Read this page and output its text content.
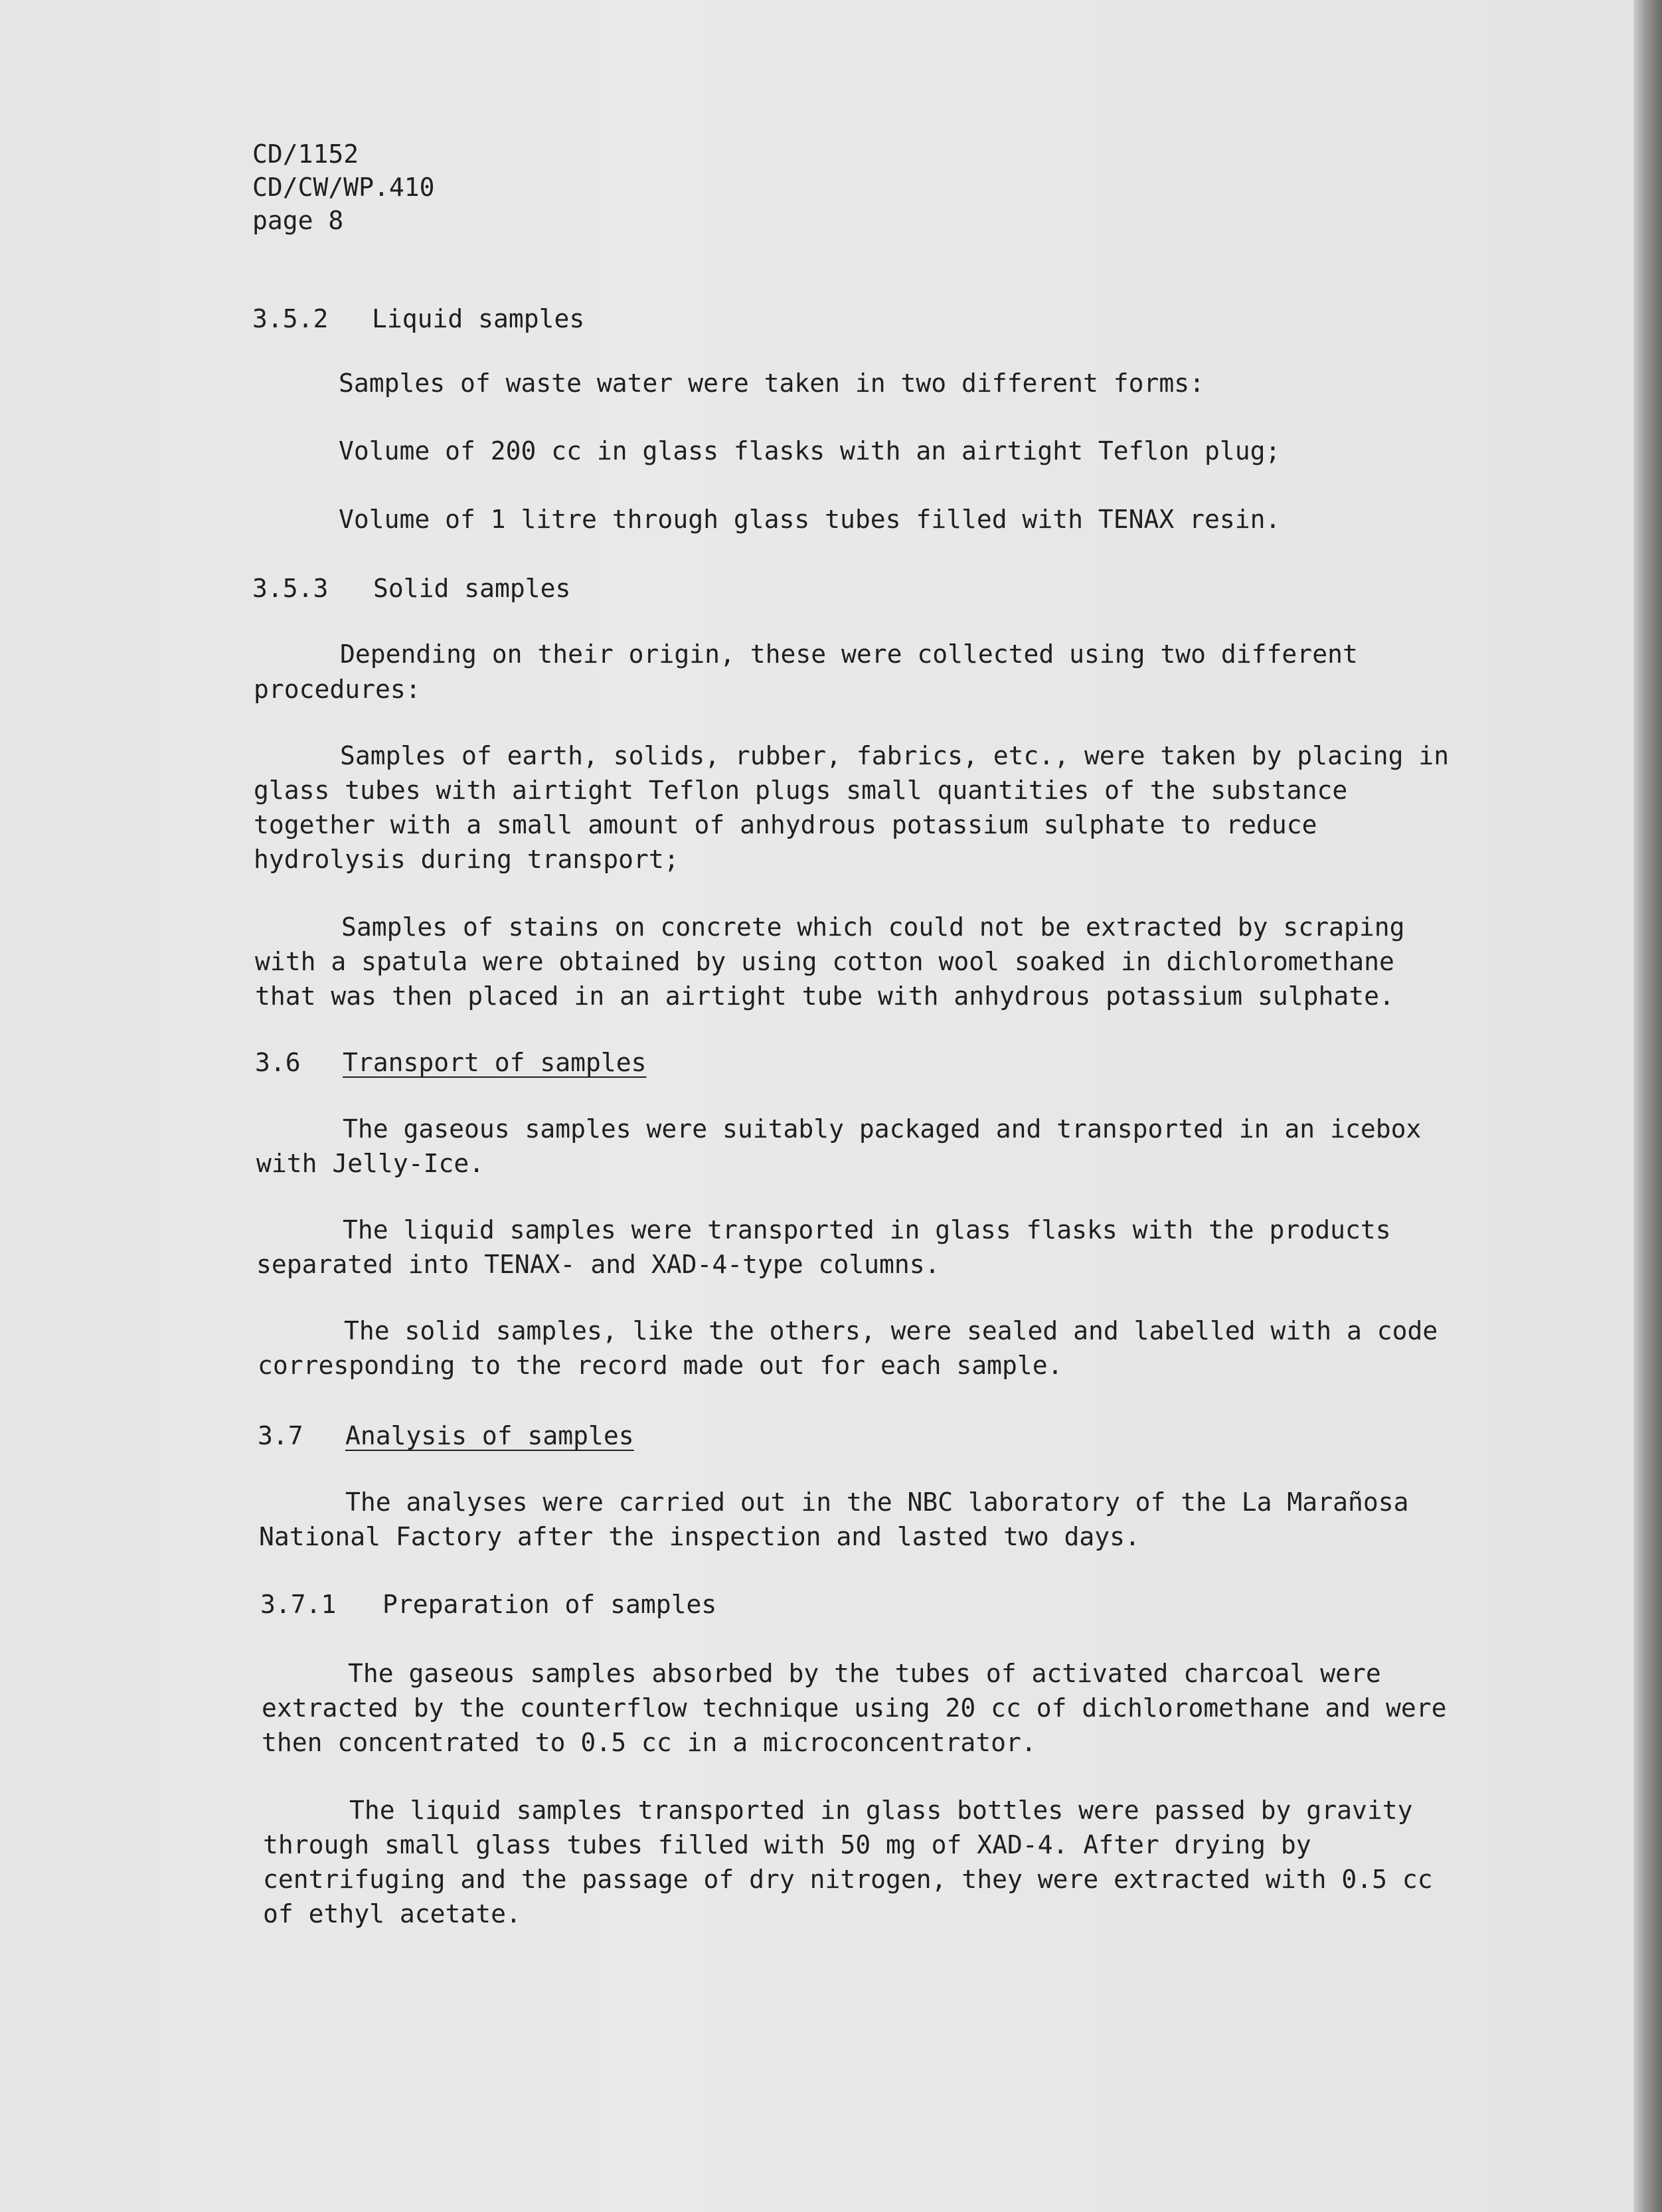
CD/1152
CD/CW/WP.410
page 8
3.5.2 Liquid samples
Samples of waste water were taken in two different forms:
Volume of 200 cc in glass flasks with an airtight Teflon plug;
Volume of 1 litre through glass tubes filled with TENAX resin.
3.5.3 Solid samples
Depending on their origin, these were collected using two different
procedures:
Samples of earth, solids, rubber, fabrics, etc., were taken by placing in
glass tubes with airtight Teflon plugs small quantities of the substance
together with a small amount of anhydrous potassium sulphate to reduce
hydrolysis during transport;
Samples of stains on concrete which could not be extracted by scraping
with a spatula were obtained by using cotton wool soaked in dichloromethane
that was then placed in an airtight tube with anhydrous potassium sulphate.
3.6 Transport of samples
The gaseous samples were suitably packaged and transported in an icebox
with Jelly-Ice.
The liquid samples were transported in glass flasks with the products
separated into TENAX- and XAD-4-type columns.
The solid samples, like the others, were sealed and labelled with a code
corresponding to the record made out for each sample.
3.7 Analysis of samples
The analyses were carried out in the NBC laboratory of the La Marañosa
National Factory after the inspection and lasted two days.
3.7.1 Preparation of samples
The gaseous samples absorbed by the tubes of activated charcoal were
extracted by the counterflow technique using 20 cc of dichloromethane and were
then concentrated to 0.5 cc in a microconcentrator.
The liquid samples transported in glass bottles were passed by gravity
through small glass tubes filled with 50 mg of XAD-4. After drying by
centrifuging and the passage of dry nitrogen, they were extracted with 0.5 cc
of ethyl acetate.
